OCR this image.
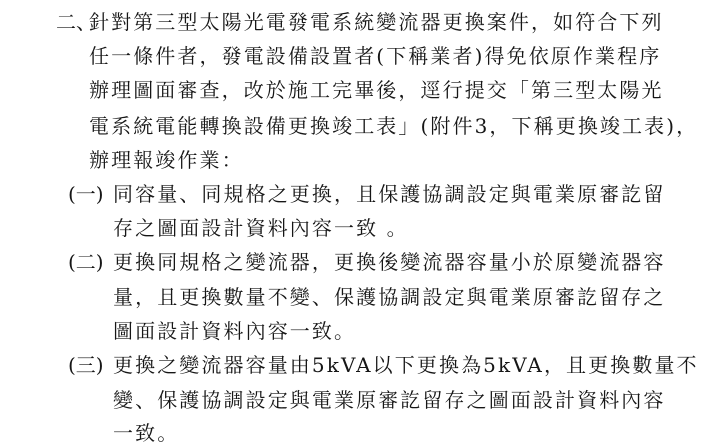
二、
針對第三型太陽光電發電系統變流器更換案件，如符合下列
任一條件者，發電設備設置者(下稱業者)得免依原作業程序
辦理圖面審查，改於施工完畢後，逕行提交「第三型太陽光
電系統電能轉換設備更換竣工表」(附件3，下稱更換竣工表)，
辦理報竣作業：
(一) 同容量、同規格之更換，且保護協調設定與電業原審訖留
存之圖面設計資料內容一致 。
(二) 更換同規格之變流器，更換後變流器容量小於原變流器容
量，且更換數量不變、保護協調設定與電業原審訖留存之
圖面設計資料內容一致。
(三) 更換之變流器容量由5kVA以下更換為5kVA，且更換數量不
變、保護協調設定與電業原審訖留存之圖面設計資料內容
一致。
